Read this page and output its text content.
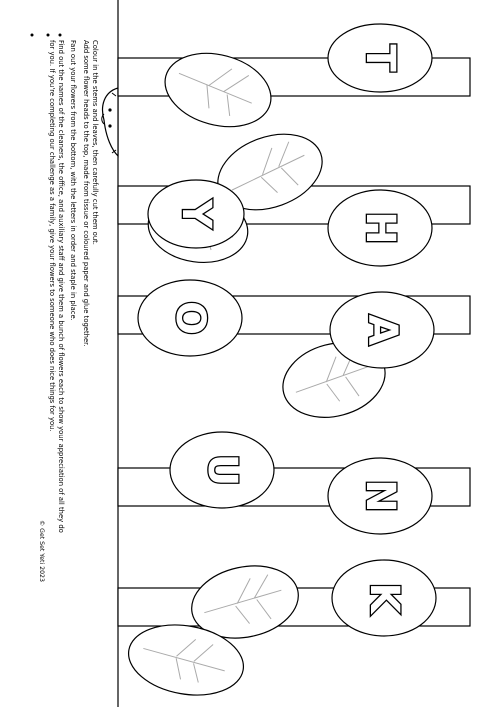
Colour in the stems and leaves, then carefully cut them out.
Add some flower heads to the top, made from tissue or coloured paper and glue together.
Fan out your flowers from the bottom, with the letters in order and staple in place.
Find out the names of the cleaners, the office, and auxiliary staff and give them a bunch of flowers each to show your appreciation of all they do
for you. If you're completing our challenge as a family, give your flowers to someone who does nice things for you.
© Get Set Yeti 2023
T
H
O	A
U
N
K
Y
